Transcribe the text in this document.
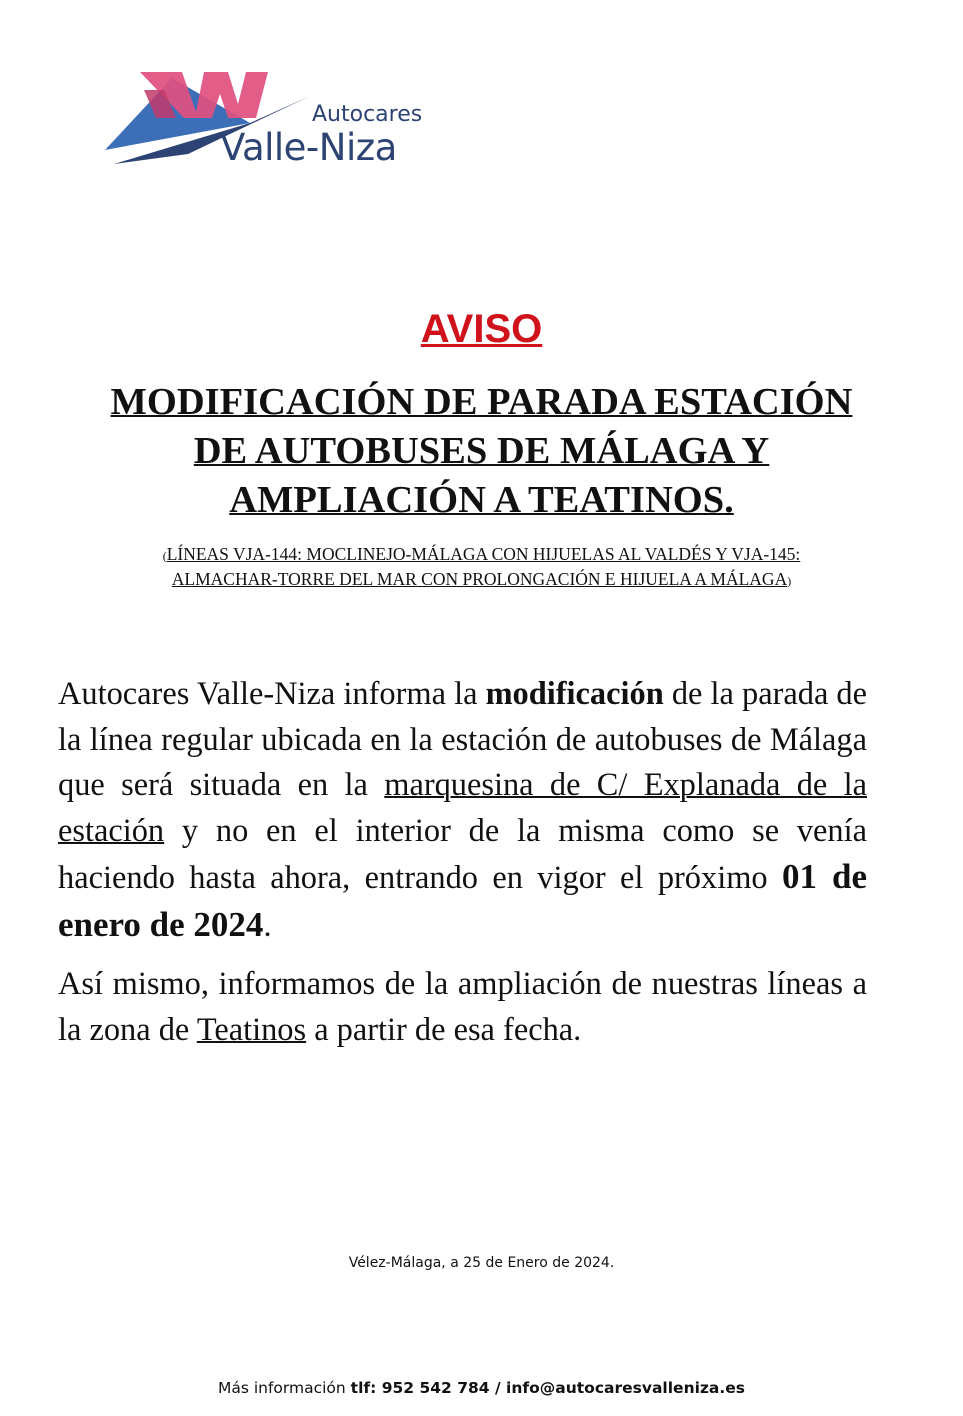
Autocares
Valle-Niza
AVISO
MODIFICACIÓN DE PARADA ESTACIÓN
DE AUTOBUSES DE MÁLAGA Y
AMPLIACIÓN A TEATINOS.
(LÍNEAS VJA-144: MOCLINEJO-MÁLAGA CON HIJUELAS AL VALDÉS Y VJA-145:
ALMACHAR-TORRE DEL MAR CON PROLONGACIÓN E HIJUELA A MÁLAGA)
Autocares Valle-Niza informa la modificación de la parada de la línea regular ubicada en la estación de autobuses de Málaga que será situada en la marquesina de C/ Explanada de la estación y no en el interior de la misma como se venía haciendo hasta ahora, entrando en vigor el próximo 01 de enero de 2024.
Así mismo, informamos de la ampliación de nuestras líneas a la zona de Teatinos a partir de esa fecha.
Vélez-Málaga, a 25 de Enero de 2024.
Más información tlf: 952 542 784 / info@autocaresvalleniza.es
